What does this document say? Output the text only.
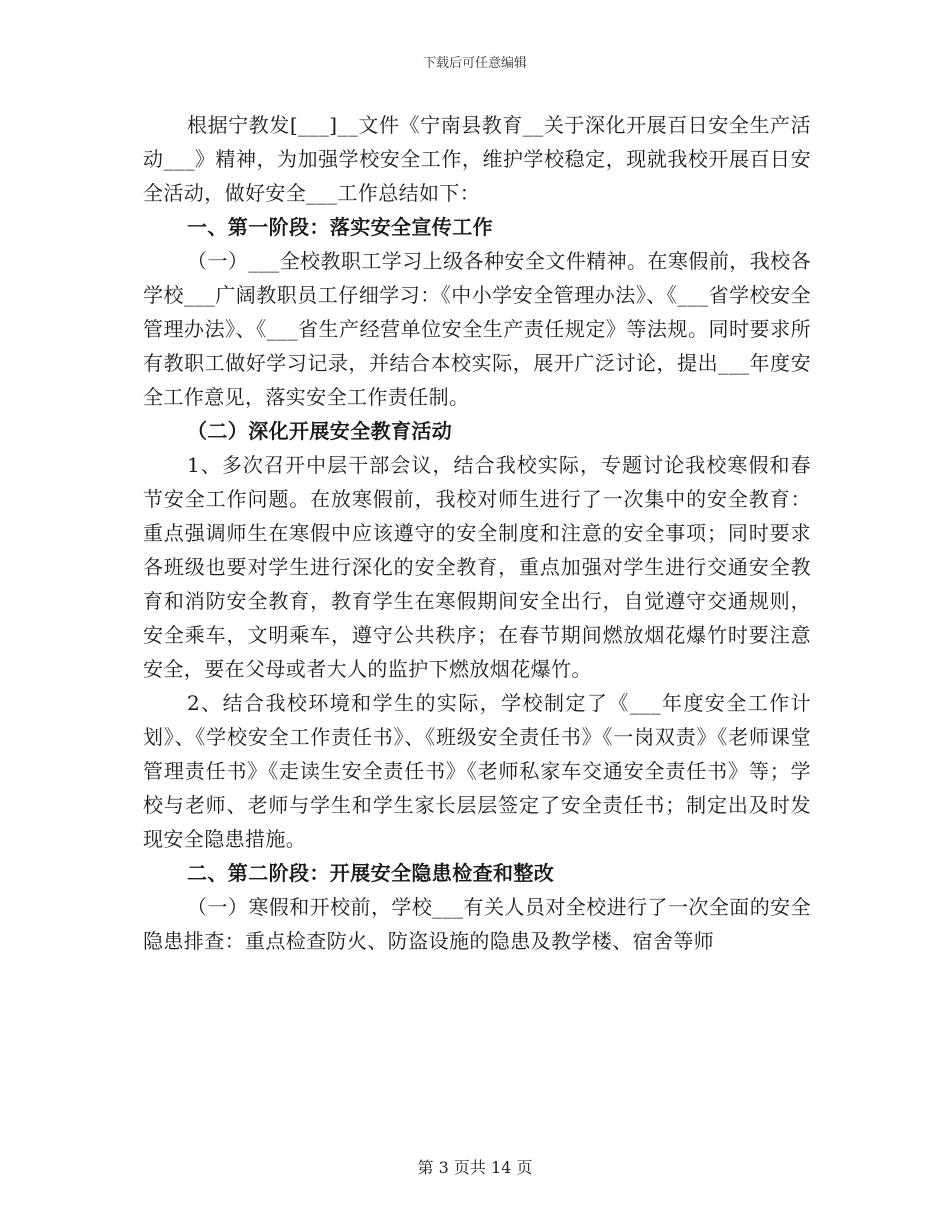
下载后可任意编辑

根据宁教发[___]__文件《宁南县教育__关于深化开展百日安全生产活动___》精神，为加强学校安全工作，维护学校稳定，现就我校开展百日安全活动，做好安全___工作总结如下：

一、第一阶段：落实安全宣传工作

（一）___全校教职工学习上级各种安全文件精神。在寒假前，我校各学校___广阔教职员工仔细学习：《中小学安全管理办法》、《___省学校安全管理办法》、《___省生产经营单位安全生产责任规定》等法规。同时要求所有教职工做好学习记录，并结合本校实际，展开广泛讨论，提出___年度安全工作意见，落实安全工作责任制。

（二）深化开展安全教育活动

1、多次召开中层干部会议，结合我校实际，专题讨论我校寒假和春节安全工作问题。在放寒假前，我校对师生进行了一次集中的安全教育：重点强调师生在寒假中应该遵守的安全制度和注意的安全事项；同时要求各班级也要对学生进行深化的安全教育，重点加强对学生进行交通安全教育和消防安全教育，教育学生在寒假期间安全出行，自觉遵守交通规则，安全乘车，文明乘车，遵守公共秩序；在春节期间燃放烟花爆竹时要注意安全，要在父母或者大人的监护下燃放烟花爆竹。

2、结合我校环境和学生的实际，学校制定了《___年度安全工作计划》、《学校安全工作责任书》、《班级安全责任书》《一岗双责》《老师课堂管理责任书》《走读生安全责任书》《老师私家车交通安全责任书》等；学校与老师、老师与学生和学生家长层层签定了安全责任书；制定出及时发现安全隐患措施。

二、第二阶段：开展安全隐患检查和整改

（一）寒假和开校前，学校___有关人员对全校进行了一次全面的安全隐患排查：重点检查防火、防盗设施的隐患及教学楼、宿舍等师

第 3 页共 14 页
